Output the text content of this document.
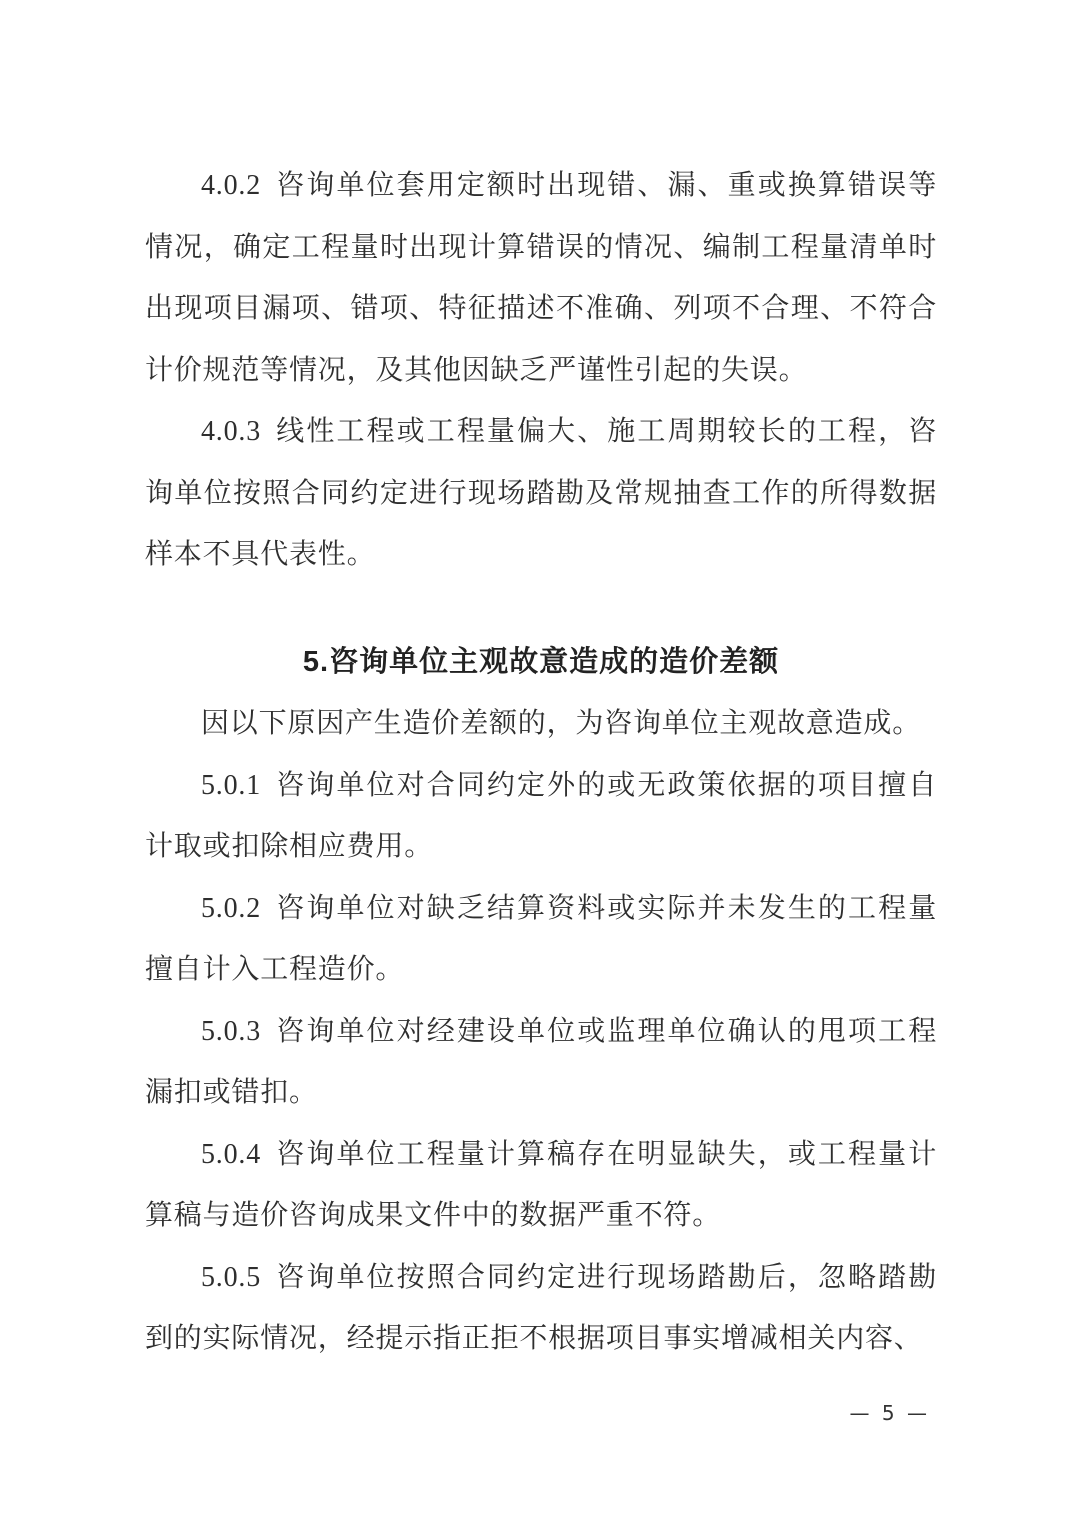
4.0.2 咨询单位套用定额时出现错、漏、重或换算错误等情况，确定工程量时出现计算错误的情况、编制工程量清单时出现项目漏项、错项、特征描述不准确、列项不合理、不符合计价规范等情况，及其他因缺乏严谨性引起的失误。

4.0.3 线性工程或工程量偏大、施工周期较长的工程，咨询单位按照合同约定进行现场踏勘及常规抽查工作的所得数据样本不具代表性。

5.咨询单位主观故意造成的造价差额

因以下原因产生造价差额的，为咨询单位主观故意造成。

5.0.1 咨询单位对合同约定外的或无政策依据的项目擅自计取或扣除相应费用。

5.0.2 咨询单位对缺乏结算资料或实际并未发生的工程量擅自计入工程造价。

5.0.3 咨询单位对经建设单位或监理单位确认的甩项工程漏扣或错扣。

5.0.4 咨询单位工程量计算稿存在明显缺失，或工程量计算稿与造价咨询成果文件中的数据严重不符。

5.0.5 咨询单位按照合同约定进行现场踏勘后，忽略踏勘到的实际情况，经提示指正拒不根据项目事实增减相关内容、

— 5 —
